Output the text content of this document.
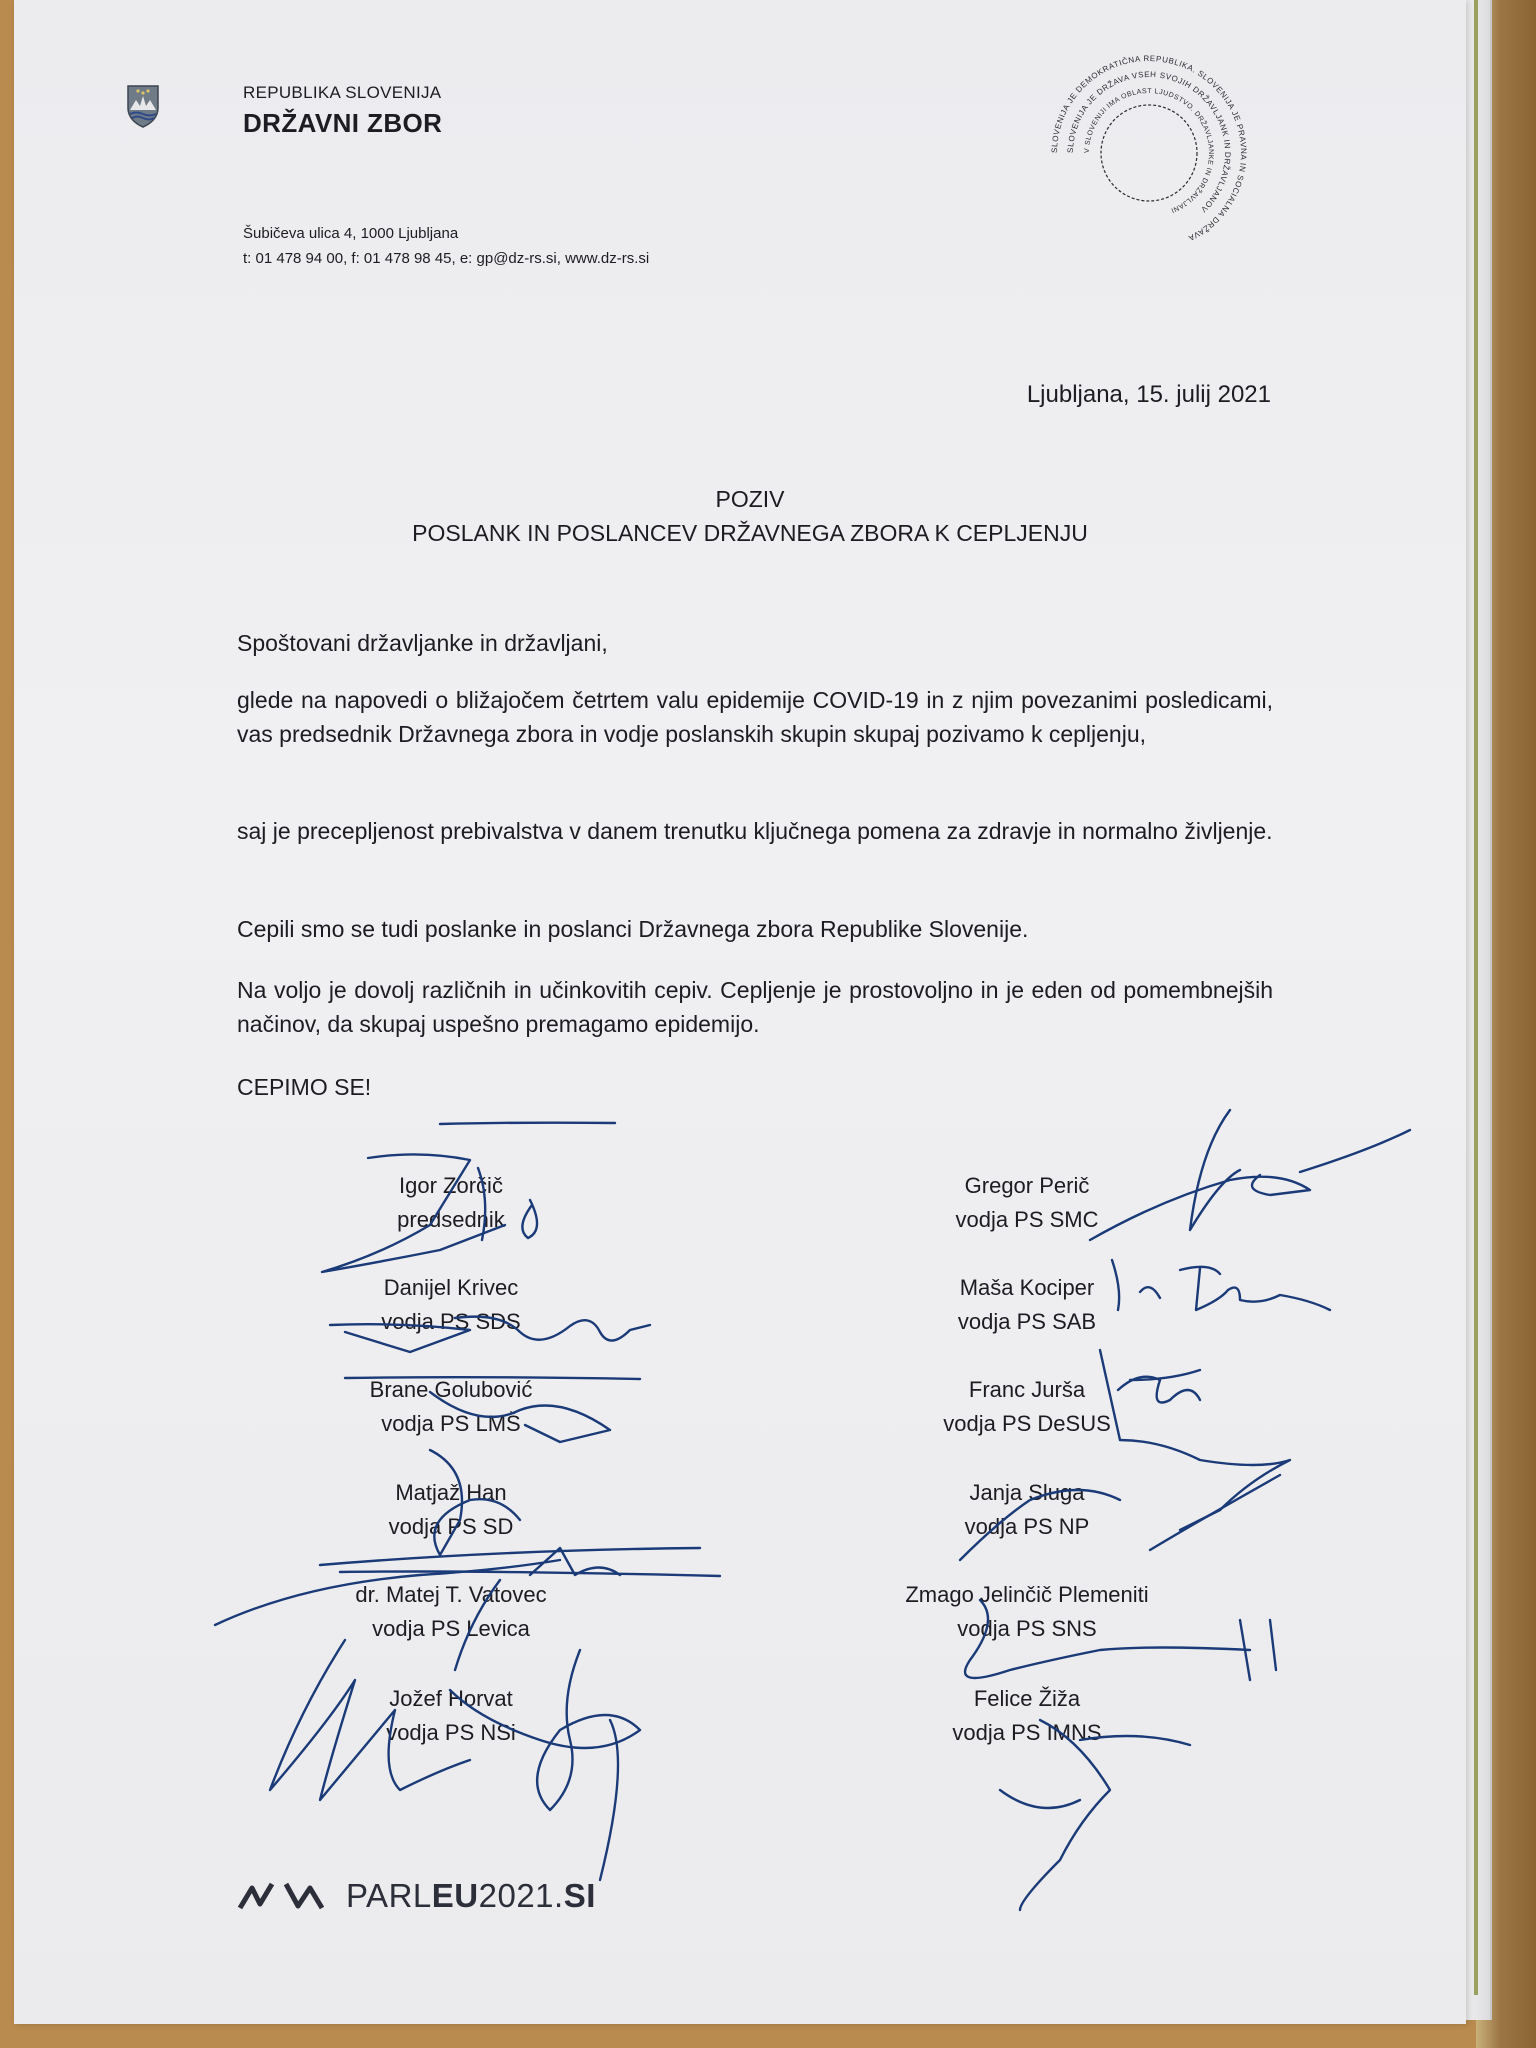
REPUBLIKA SLOVENIJA
DRŽAVNI ZBOR
Šubičeva ulica 4, 1000 Ljubljana
t: 01 478 94 00, f: 01 478 98 45, e: gp@dz-rs.si, www.dz-rs.si
SLOVENIJA JE DEMOKRATIČNA REPUBLIKA. SLOVENIJA JE PRAVNA IN SOCIALNA DRŽAVA
SLOVENIJA JE DRŽAVA VSEH SVOJIH DRŽAVLJANK IN DRŽAVLJANOV
V SLOVENIJI IMA OBLAST LJUDSTVO. DRŽAVLJANKE IN DRŽAVLJANI
Ljubljana, 15. julij 2021
POZIV
POSLANK IN POSLANCEV DRŽAVNEGA ZBORA K CEPLJENJU
Spoštovani državljanke in državljani,
glede na napovedi o bližajočem četrtem valu epidemije COVID-19 in z njim povezanimi posledicami, vas predsednik Državnega zbora in vodje poslanskih skupin skupaj pozivamo k cepljenju,
saj je precepljenost prebivalstva v danem trenutku ključnega pomena za zdravje in normalno življenje.
Cepili smo se tudi poslanke in poslanci Državnega zbora Republike Slovenije.
Na voljo je dovolj različnih in učinkovitih cepiv. Cepljenje je prostovoljno in je eden od pomembnejših načinov, da skupaj uspešno premagamo epidemijo.
CEPIMO SE!
Igor Zorčič
predsednik
Danijel Krivec
vodja PS SDS
Brane Golubović
vodja PS LMŠ
Matjaž Han
vodja PS SD
dr. Matej T. Vatovec
vodja PS Levica
Jožef Horvat
vodja PS NSi
Gregor Perič
vodja PS SMC
Maša Kociper
vodja PS SAB
Franc Jurša
vodja PS DeSUS
Janja Sluga
vodja PS NP
Zmago Jelinčič Plemeniti
vodja PS SNS
Felice Žiža
vodja PS IMNS
PARLEU2021.SI
